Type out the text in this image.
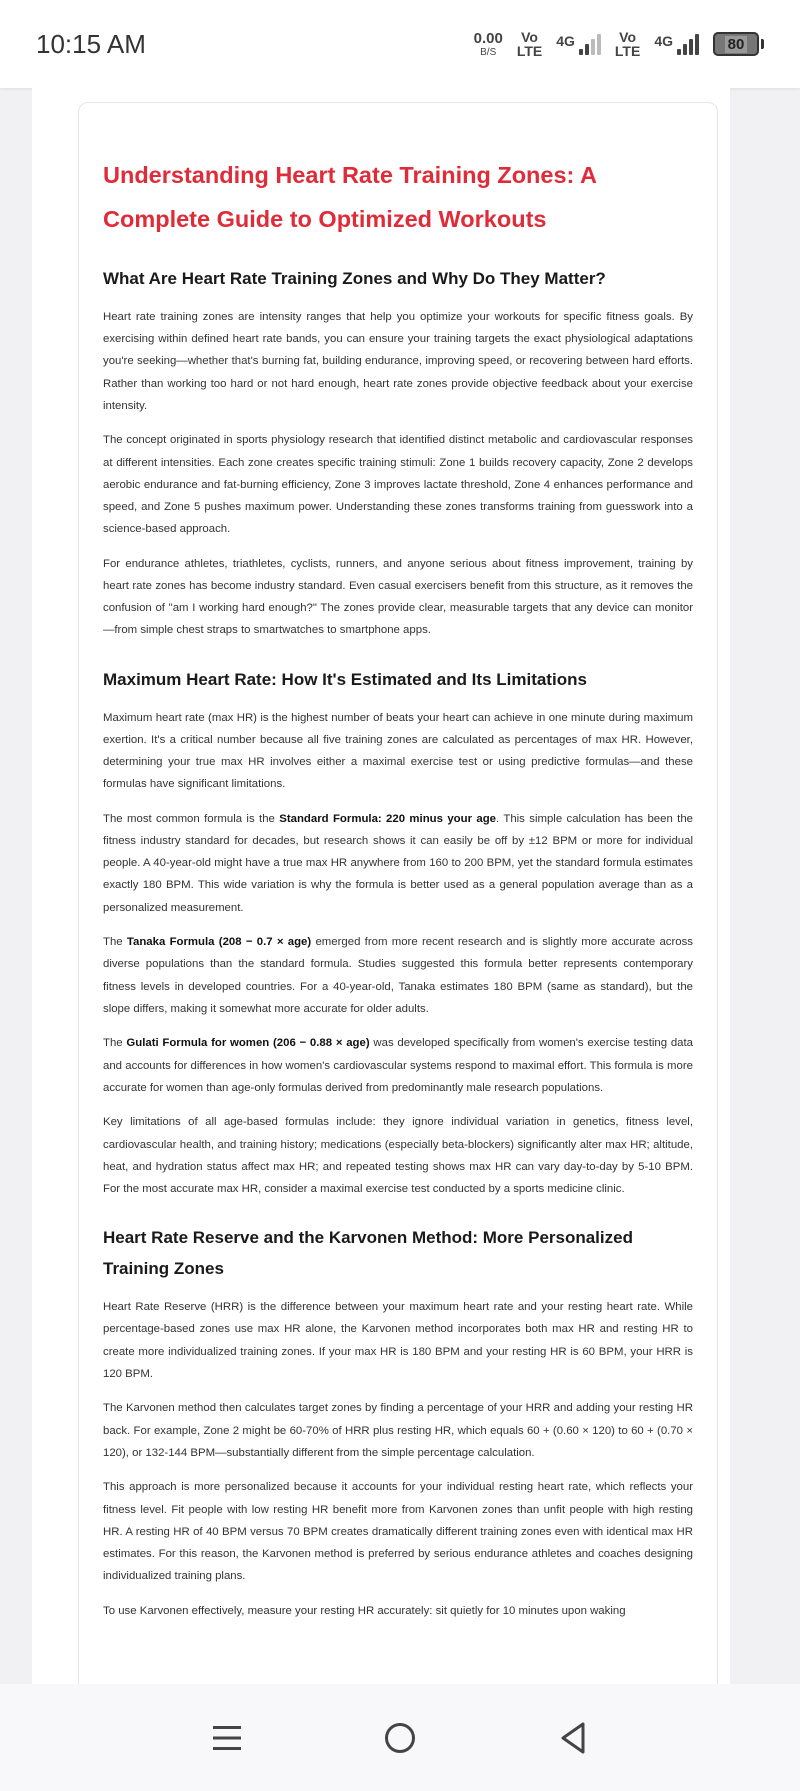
10:15 AM	0.00
B/S
Vo
LTE
4G	Vo
LTE
4G	80
Understanding Heart Rate Training Zones: A Complete Guide to Optimized Workouts
What Are Heart Rate Training Zones and Why Do They Matter?

Heart rate training zones are intensity ranges that help you optimize your workouts for specific fitness goals. By exercising within defined heart rate bands, you can ensure your training targets the exact physiological adaptations you're seeking—whether that's burning fat, building endurance, improving speed, or recovering between hard efforts. Rather than working too hard or not hard enough, heart rate zones provide objective feedback about your exercise intensity.

The concept originated in sports physiology research that identified distinct metabolic and cardiovascular responses at different intensities. Each zone creates specific training stimuli: Zone 1 builds recovery capacity, Zone 2 develops aerobic endurance and fat-burning efficiency, Zone 3 improves lactate threshold, Zone 4 enhances performance and speed, and Zone 5 pushes maximum power. Understanding these zones transforms training from guesswork into a science-based approach.

For endurance athletes, triathletes, cyclists, runners, and anyone serious about fitness improvement, training by heart rate zones has become industry standard. Even casual exercisers benefit from this structure, as it removes the confusion of "am I working hard enough?" The zones provide clear, measurable targets that any device can monitor—from simple chest straps to smartwatches to smartphone apps.

Maximum Heart Rate: How It's Estimated and Its Limitations

Maximum heart rate (max HR) is the highest number of beats your heart can achieve in one minute during maximum exertion. It's a critical number because all five training zones are calculated as percentages of max HR. However, determining your true max HR involves either a maximal exercise test or using predictive formulas—and these formulas have significant limitations.

The most common formula is the Standard Formula: 220 minus your age. This simple calculation has been the fitness industry standard for decades, but research shows it can easily be off by ±12 BPM or more for individual people. A 40-year-old might have a true max HR anywhere from 160 to 200 BPM, yet the standard formula estimates exactly 180 BPM. This wide variation is why the formula is better used as a general population average than as a personalized measurement.

The Tanaka Formula (208 − 0.7 × age) emerged from more recent research and is slightly more accurate across diverse populations than the standard formula. Studies suggested this formula better represents contemporary fitness levels in developed countries. For a 40-year-old, Tanaka estimates 180 BPM (same as standard), but the slope differs, making it somewhat more accurate for older adults.

The Gulati Formula for women (206 − 0.88 × age) was developed specifically from women's exercise testing data and accounts for differences in how women's cardiovascular systems respond to maximal effort. This formula is more accurate for women than age-only formulas derived from predominantly male research populations.

Key limitations of all age-based formulas include: they ignore individual variation in genetics, fitness level, cardiovascular health, and training history; medications (especially beta-blockers) significantly alter max HR; altitude, heat, and hydration status affect max HR; and repeated testing shows max HR can vary day-to-day by 5-10 BPM. For the most accurate max HR, consider a maximal exercise test conducted by a sports medicine clinic.

Heart Rate Reserve and the Karvonen Method: More Personalized Training Zones

Heart Rate Reserve (HRR) is the difference between your maximum heart rate and your resting heart rate. While percentage-based zones use max HR alone, the Karvonen method incorporates both max HR and resting HR to create more individualized training zones. If your max HR is 180 BPM and your resting HR is 60 BPM, your HRR is 120 BPM.

The Karvonen method then calculates target zones by finding a percentage of your HRR and adding your resting HR back. For example, Zone 2 might be 60-70% of HRR plus resting HR, which equals 60 + (0.60 × 120) to 60 + (0.70 × 120), or 132-144 BPM—substantially different from the simple percentage calculation.

This approach is more personalized because it accounts for your individual resting heart rate, which reflects your fitness level. Fit people with low resting HR benefit more from Karvonen zones than unfit people with high resting HR. A resting HR of 40 BPM versus 70 BPM creates dramatically different training zones even with identical max HR estimates. For this reason, the Karvonen method is preferred by serious endurance athletes and coaches designing individualized training plans.

To use Karvonen effectively, measure your resting HR accurately: sit quietly for 10 minutes upon waking
